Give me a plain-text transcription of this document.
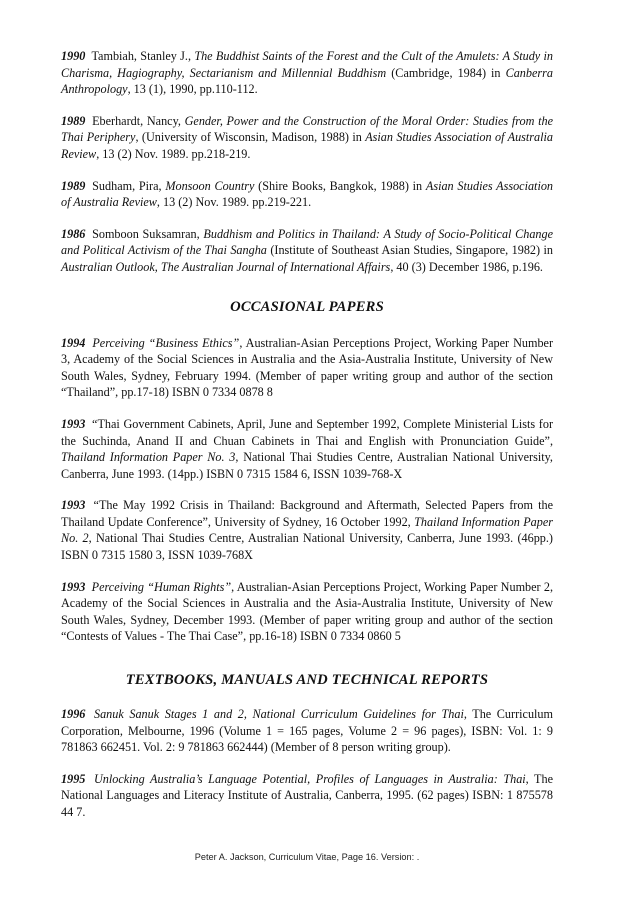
1990 Tambiah, Stanley J., The Buddhist Saints of the Forest and the Cult of the Amulets: A Study in Charisma, Hagiography, Sectarianism and Millennial Buddhism (Cambridge, 1984) in Canberra Anthropology, 13 (1), 1990, pp.110-112.

1989 Eberhardt, Nancy, Gender, Power and the Construction of the Moral Order: Studies from the Thai Periphery, (University of Wisconsin, Madison, 1988) in Asian Studies Association of Australia Review, 13 (2) Nov. 1989. pp.218-219.

1989 Sudham, Pira, Monsoon Country (Shire Books, Bangkok, 1988) in Asian Studies Association of Australia Review, 13 (2) Nov. 1989. pp.219-221.

1986 Somboon Suksamran, Buddhism and Politics in Thailand: A Study of Socio-Political Change and Political Activism of the Thai Sangha (Institute of Southeast Asian Studies, Singapore, 1982) in Australian Outlook, The Australian Journal of International Affairs, 40 (3) December 1986, p.196.

OCCASIONAL PAPERS

1994 Perceiving “Business Ethics”, Australian-Asian Perceptions Project, Working Paper Number 3, Academy of the Social Sciences in Australia and the Asia-Australia Institute, University of New South Wales, Sydney, February 1994. (Member of paper writing group and author of the section “Thailand”, pp.17-18) ISBN 0 7334 0878 8

1993 “Thai Government Cabinets, April, June and September 1992, Complete Ministerial Lists for the Suchinda, Anand II and Chuan Cabinets in Thai and English with Pronunciation Guide”, Thailand Information Paper No. 3, National Thai Studies Centre, Australian National University, Canberra, June 1993. (14pp.) ISBN 0 7315 1584 6, ISSN 1039-768-X

1993 “The May 1992 Crisis in Thailand: Background and Aftermath, Selected Papers from the Thailand Update Conference”, University of Sydney, 16 October 1992, Thailand Information Paper No. 2, National Thai Studies Centre, Australian National University, Canberra, June 1993. (46pp.) ISBN 0 7315 1580 3, ISSN 1039-768X

1993 Perceiving “Human Rights”, Australian-Asian Perceptions Project, Working Paper Number 2, Academy of the Social Sciences in Australia and the Asia-Australia Institute, University of New South Wales, Sydney, December 1993. (Member of paper writing group and author of the section “Contests of Values - The Thai Case”, pp.16-18) ISBN 0 7334 0860 5

TEXTBOOKS, MANUALS AND TECHNICAL REPORTS

1996 Sanuk Sanuk Stages 1 and 2, National Curriculum Guidelines for Thai, The Curriculum Corporation, Melbourne, 1996 (Volume 1 = 165 pages, Volume 2 = 96 pages), ISBN: Vol. 1: 9 781863 662451. Vol. 2: 9 781863 662444) (Member of 8 person writing group).

1995 Unlocking Australia’s Language Potential, Profiles of Languages in Australia: Thai, The National Languages and Literacy Institute of Australia, Canberra, 1995. (62 pages) ISBN: 1 875578 44 7.

Peter A. Jackson, Curriculum Vitae, Page 16. Version: .
